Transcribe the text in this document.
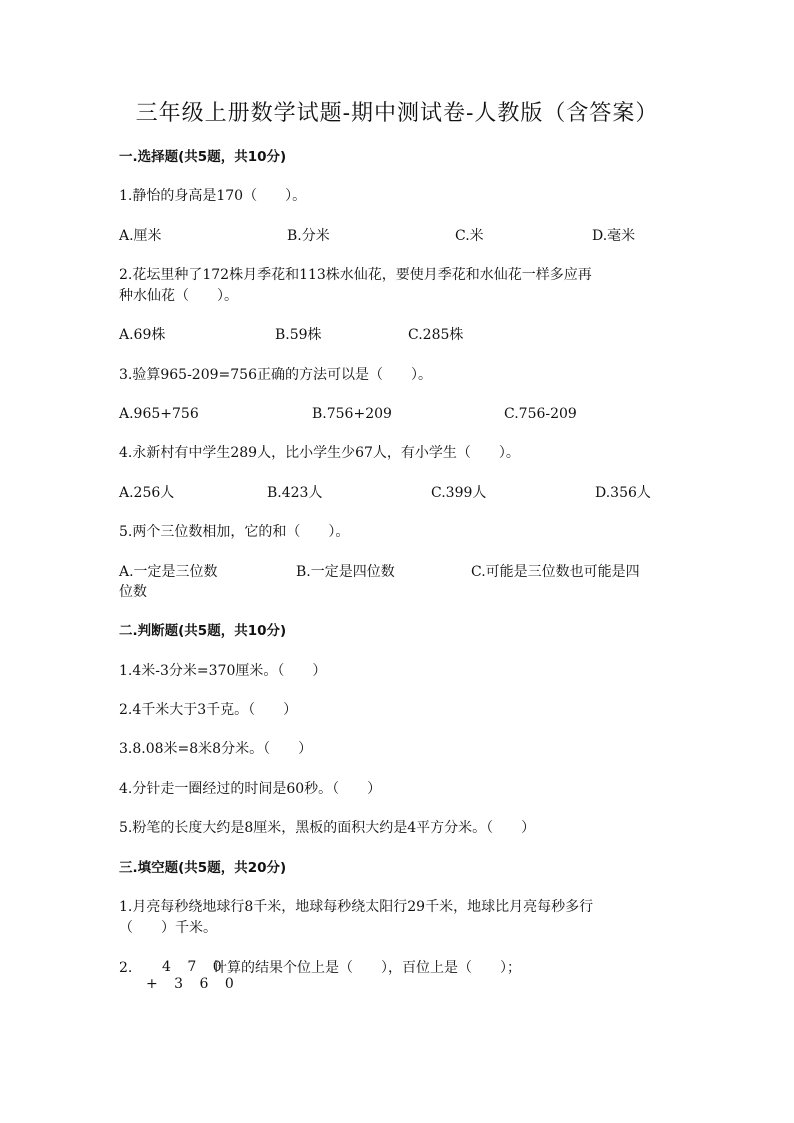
三年级上册数学试题-期中测试卷-人教版（含答案）
一.选择题(共5题，共10分)
1.静怡的身高是170（　　）。
A.厘米	B.分米	C.米	D.毫米
2.花坛里种了172株月季花和113株水仙花，要使月季花和水仙花一样多应再
种水仙花（　　）。
A.69株	B.59株	C.285株
3.验算965-209=756正确的方法可以是（　　）。
A.965+756	B.756+209	C.756-209
4.永新村有中学生289人，比小学生少67人，有小学生（　　）。
A.256人	B.423人	C.399人	D.356人
5.两个三位数相加，它的和（　　）。
A.一定是三位数	B.一定是四位数	C.可能是三位数也可能是四
位数
二.判断题(共5题，共10分)
1.4米-3分米=370厘米。（　　）
2.4千米大于3千克。（　　）
3.8.08米=8米8分米。（　　）
4.分针走一圈经过的时间是60秒。（　　）
5.粉笔的长度大约是8厘米，黑板的面积大约是4平方分米。（　　）
三.填空题(共5题，共20分)
1.月亮每秒绕地球行8千米，地球每秒绕太阳行29千米，地球比月亮每秒多行
（　　）千米。
2. 4 7 0
+ 3 6 0
计算的结果个位上是（　　），百位上是（　　）；
